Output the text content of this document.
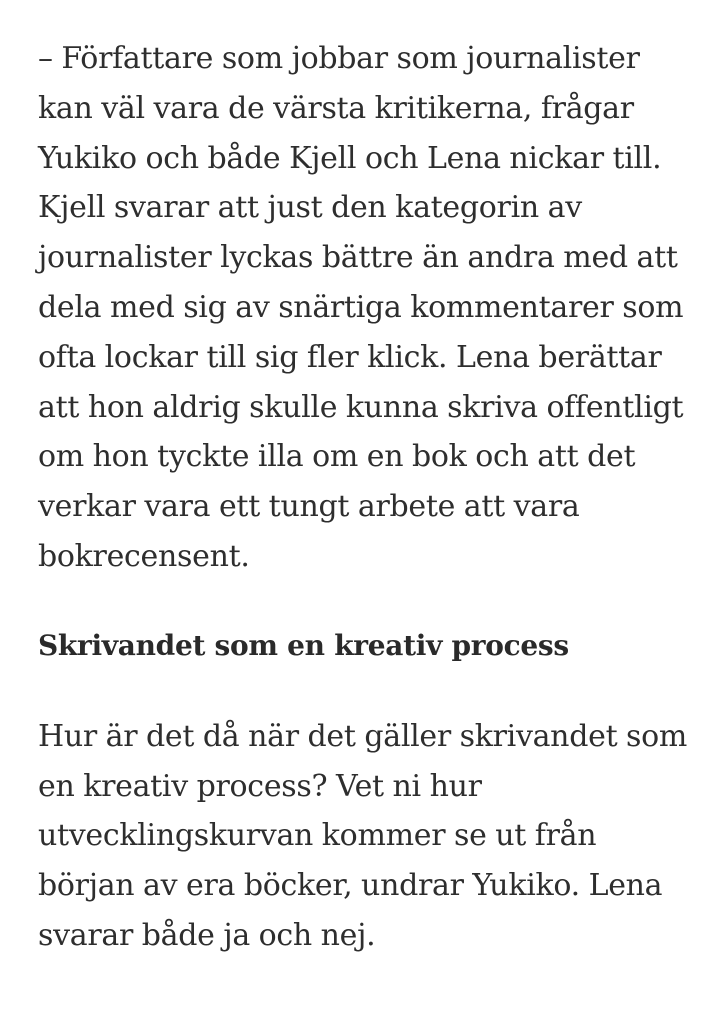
– Författare som jobbar som journalister kan väl vara de värsta kritikerna, frågar Yukiko och både Kjell och Lena nickar till. Kjell svarar att just den kategorin av journalister lyckas bättre än andra med att dela med sig av snärtiga kommentarer som ofta lockar till sig fler klick. Lena berättar att hon aldrig skulle kunna skriva offentligt om hon tyckte illa om en bok och att det verkar vara ett tungt arbete att vara bokrecensent.

Skrivandet som en kreativ process

Hur är det då när det gäller skrivandet som en kreativ process? Vet ni hur utvecklingskurvan kommer se ut från början av era böcker, undrar Yukiko. Lena svarar både ja och nej.
